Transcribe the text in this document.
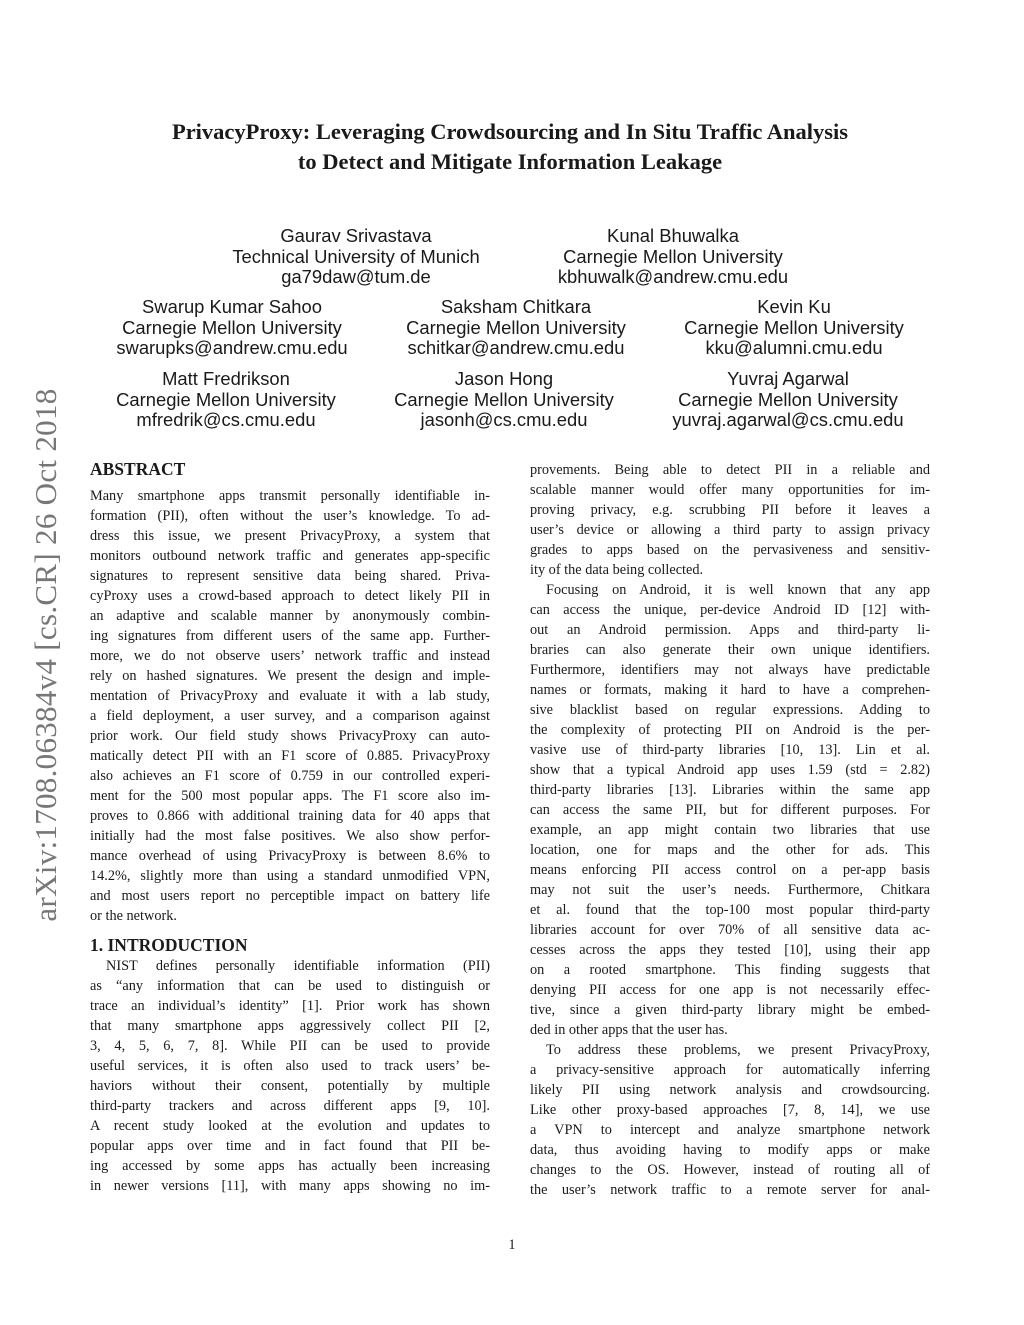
arXiv:1708.06384v4 [cs.CR] 26 Oct 2018
PrivacyProxy: Leveraging Crowdsourcing and In Situ Traffic Analysis
to Detect and Mitigate Information Leakage
Gaurav Srivastava
Technical University of Munich
ga79daw@tum.de
Kunal Bhuwalka
Carnegie Mellon University
kbhuwalk@andrew.cmu.edu
Swarup Kumar Sahoo
Carnegie Mellon University
swarupks@andrew.cmu.edu
Saksham Chitkara
Carnegie Mellon University
schitkar@andrew.cmu.edu
Kevin Ku
Carnegie Mellon University
kku@alumni.cmu.edu
Matt Fredrikson
Carnegie Mellon University
mfredrik@cs.cmu.edu
Jason Hong
Carnegie Mellon University
jasonh@cs.cmu.edu
Yuvraj Agarwal
Carnegie Mellon University
yuvraj.agarwal@cs.cmu.edu
ABSTRACT
Many smartphone apps transmit personally identifiable in-
formation (PII), often without the user’s knowledge. To ad-
dress this issue, we present PrivacyProxy, a system that
monitors outbound network traffic and generates app-specific
signatures to represent sensitive data being shared. Priva-
cyProxy uses a crowd-based approach to detect likely PII in
an adaptive and scalable manner by anonymously combin-
ing signatures from different users of the same app. Further-
more, we do not observe users’ network traffic and instead
rely on hashed signatures. We present the design and imple-
mentation of PrivacyProxy and evaluate it with a lab study,
a field deployment, a user survey, and a comparison against
prior work. Our field study shows PrivacyProxy can auto-
matically detect PII with an F1 score of 0.885. PrivacyProxy
also achieves an F1 score of 0.759 in our controlled experi-
ment for the 500 most popular apps. The F1 score also im-
proves to 0.866 with additional training data for 40 apps that
initially had the most false positives. We also show perfor-
mance overhead of using PrivacyProxy is between 8.6% to
14.2%, slightly more than using a standard unmodified VPN,
and most users report no perceptible impact on battery life
or the network.
1. INTRODUCTION
NIST defines personally identifiable information (PII)
as “any information that can be used to distinguish or
trace an individual’s identity” [1]. Prior work has shown
that many smartphone apps aggressively collect PII [2,
3, 4, 5, 6, 7, 8]. While PII can be used to provide
useful services, it is often also used to track users’ be-
haviors without their consent, potentially by multiple
third-party trackers and across different apps [9, 10].
A recent study looked at the evolution and updates to
popular apps over time and in fact found that PII be-
ing accessed by some apps has actually been increasing
in newer versions [11], with many apps showing no im-
provements. Being able to detect PII in a reliable and
scalable manner would offer many opportunities for im-
proving privacy, e.g. scrubbing PII before it leaves a
user’s device or allowing a third party to assign privacy
grades to apps based on the pervasiveness and sensitiv-
ity of the data being collected.
Focusing on Android, it is well known that any app
can access the unique, per-device Android ID [12] with-
out an Android permission. Apps and third-party li-
braries can also generate their own unique identifiers.
Furthermore, identifiers may not always have predictable
names or formats, making it hard to have a comprehen-
sive blacklist based on regular expressions. Adding to
the complexity of protecting PII on Android is the per-
vasive use of third-party libraries [10, 13]. Lin et al.
show that a typical Android app uses 1.59 (std = 2.82)
third-party libraries [13]. Libraries within the same app
can access the same PII, but for different purposes. For
example, an app might contain two libraries that use
location, one for maps and the other for ads. This
means enforcing PII access control on a per-app basis
may not suit the user’s needs. Furthermore, Chitkara
et al. found that the top-100 most popular third-party
libraries account for over 70% of all sensitive data ac-
cesses across the apps they tested [10], using their app
on a rooted smartphone. This finding suggests that
denying PII access for one app is not necessarily effec-
tive, since a given third-party library might be embed-
ded in other apps that the user has.
To address these problems, we present PrivacyProxy,
a privacy-sensitive approach for automatically inferring
likely PII using network analysis and crowdsourcing.
Like other proxy-based approaches [7, 8, 14], we use
a VPN to intercept and analyze smartphone network
data, thus avoiding having to modify apps or make
changes to the OS. However, instead of routing all of
the user’s network traffic to a remote server for anal-
1
